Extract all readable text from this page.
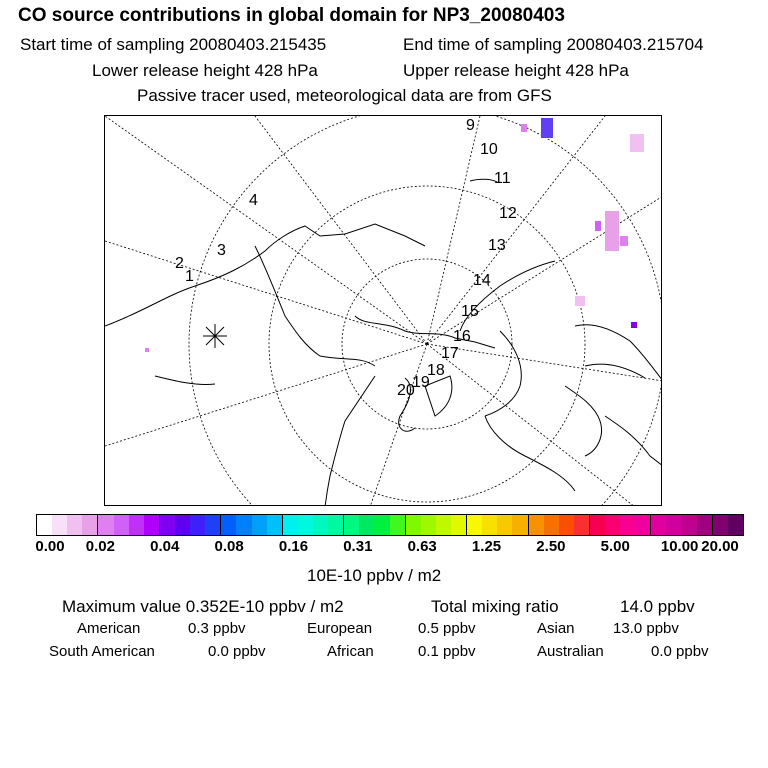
CO source contributions in global domain for NP3_20080403
Start time of sampling 20080403.215435	End time of sampling 20080403.215704
Lower release height 428 hPa	Upper release height 428 hPa
Passive tracer used, meteorological data are from GFS
1
2
3
4
9
10
11
12
13
14
15
16
17
18
19
20
0.00 0.02 0.04 0.08 0.16 0.31 0.63 1.25 2.50 5.00 10.00 20.00
10E-10 ppbv / m2
Maximum value 0.352E-10 ppbv / m2	Total mixing ratio	14.0 ppbv
American	0.3 ppbv	European	0.5 ppbv	Asian	13.0 ppbv
South American	0.0 ppbv	African	0.1 ppbv	Australian	0.0 ppbv
